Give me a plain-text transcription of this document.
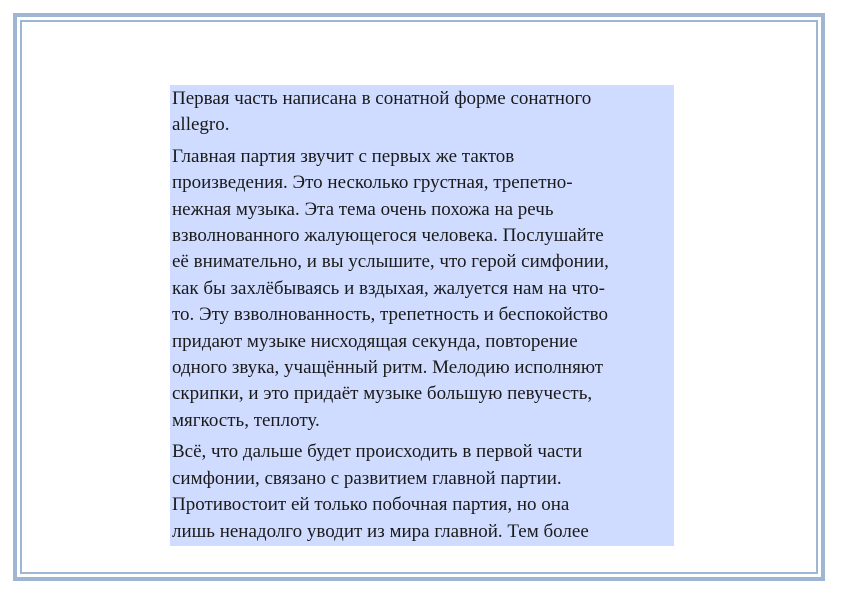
Первая часть написана в сонатной форме сонатного
allegro.

Главная партия звучит с первых же тактов
произведения. Это несколько грустная, трепетно-
нежная музыка. Эта тема очень похожа на речь
взволнованного жалующегося человека. Послушайте
её внимательно, и вы услышите, что герой симфонии,
как бы захлёбываясь и вздыхая, жалуется нам на что-
то. Эту взволнованность, трепетность и беспокойство
придают музыке нисходящая секунда, повторение
одного звука, учащённый ритм. Мелодию исполняют
скрипки, и это придаёт музыке большую певучесть,
мягкость, теплоту.

Всё, что дальше будет происходить в первой части
симфонии, связано с развитием главной партии.
Противостоит ей только побочная партия, но она
лишь ненадолго уводит из мира главной. Тем более
